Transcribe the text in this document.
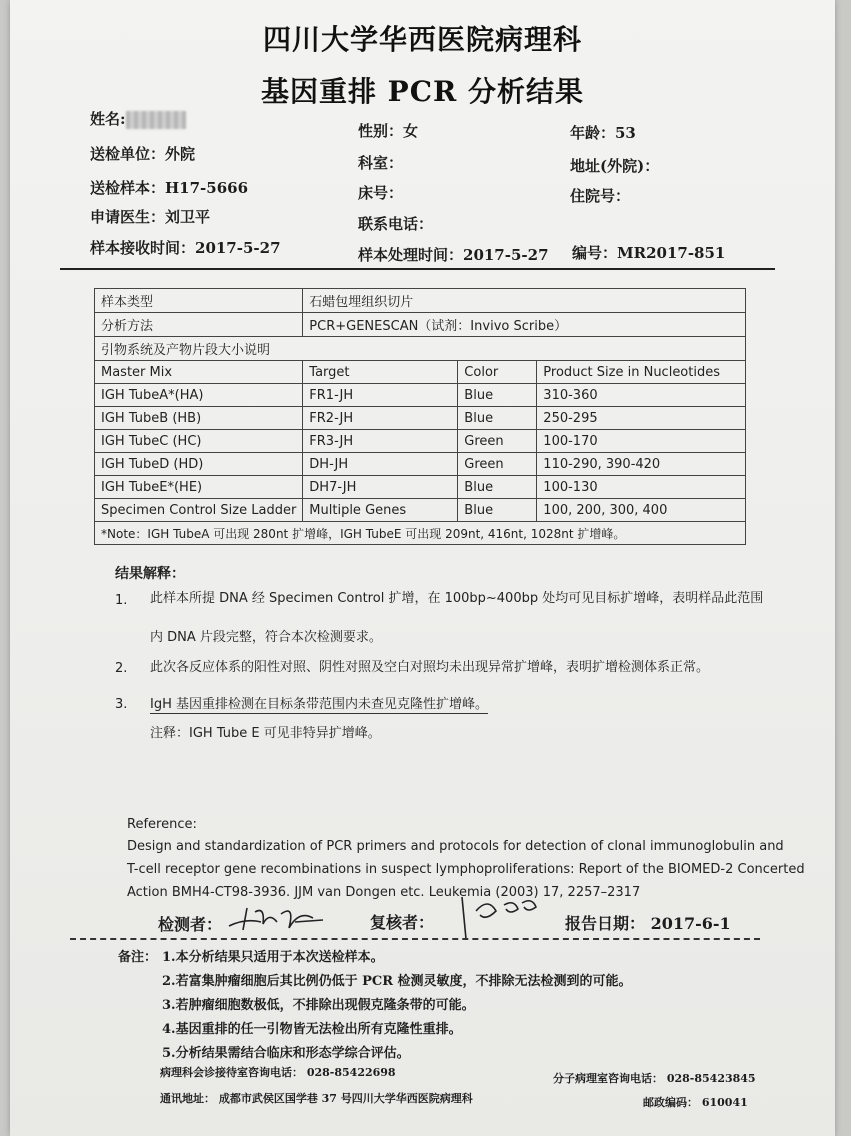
四川大学华西医院病理科
基因重排 PCR 分析结果
姓名:
性别：女	年龄：53
送检单位：外院	科室：	地址(外院)：
送检样本：H17-5666	床号：	住院号：
申请医生：刘卫平	联系电话：
样本接收时间：2017-5-27	样本处理时间：2017-5-27 编号：MR2017-851
样本类型	石蜡包埋组织切片		
分析方法	PCR+GENESCAN（试剂：Invivo Scribe）		
引物系统及产物片段大小说明			
Master Mix	Target	Color	Product Size in Nucleotides
IGH TubeA*(HA)	FR1-JH	Blue	310-360
IGH TubeB (HB)	FR2-JH	Blue	250-295
IGH TubeC (HC)	FR3-JH	Green	100-170
IGH TubeD (HD)	DH-JH	Green	110-290, 390-420
IGH TubeE*(HE)	DH7-JH	Blue	100-130
Specimen Control Size Ladder	Multiple Genes	Blue	100, 200, 300, 400
*Note：IGH TubeA 可出现 280nt 扩增峰，IGH TubeE 可出现 209nt, 416nt, 1028nt 扩增峰。			
结果解释：
1. 此样本所提 DNA 经 Specimen Control 扩增，在 100bp~400bp 处均可见目标扩增峰，表明样品此范围
内 DNA 片段完整，符合本次检测要求。
2. 此次各反应体系的阳性对照、阴性对照及空白对照均未出现异常扩增峰，表明扩增检测体系正常。
3. IgH 基因重排检测在目标条带范围内未查见克隆性扩增峰。
注释：IGH Tube E 可见非特异扩增峰。
Reference:
Design and standardization of PCR primers and protocols for detection of clonal immunoglobulin and
T-cell receptor gene recombinations in suspect lymphoproliferations: Report of the BIOMED-2 Concerted
Action BMH4-CT98-3936. JJM van Dongen etc. Leukemia (2003) 17, 2257–2317
检测者：	复核者：	报告日期： 2017-6-1
备注： 1.本分析结果只适用于本次送检样本。
2.若富集肿瘤细胞后其比例仍低于 PCR 检测灵敏度，不排除无法检测到的可能。
3.若肿瘤细胞数极低，不排除出现假克隆条带的可能。
4.基因重排的任一引物皆无法检出所有克隆性重排。
5.分析结果需结合临床和形态学综合评估。
病理科会诊接待室咨询电话： 028-85422698	分子病理室咨询电话： 028-85423845
通讯地址： 成都市武侯区国学巷 37 号四川大学华西医院病理科	邮政编码： 610041
